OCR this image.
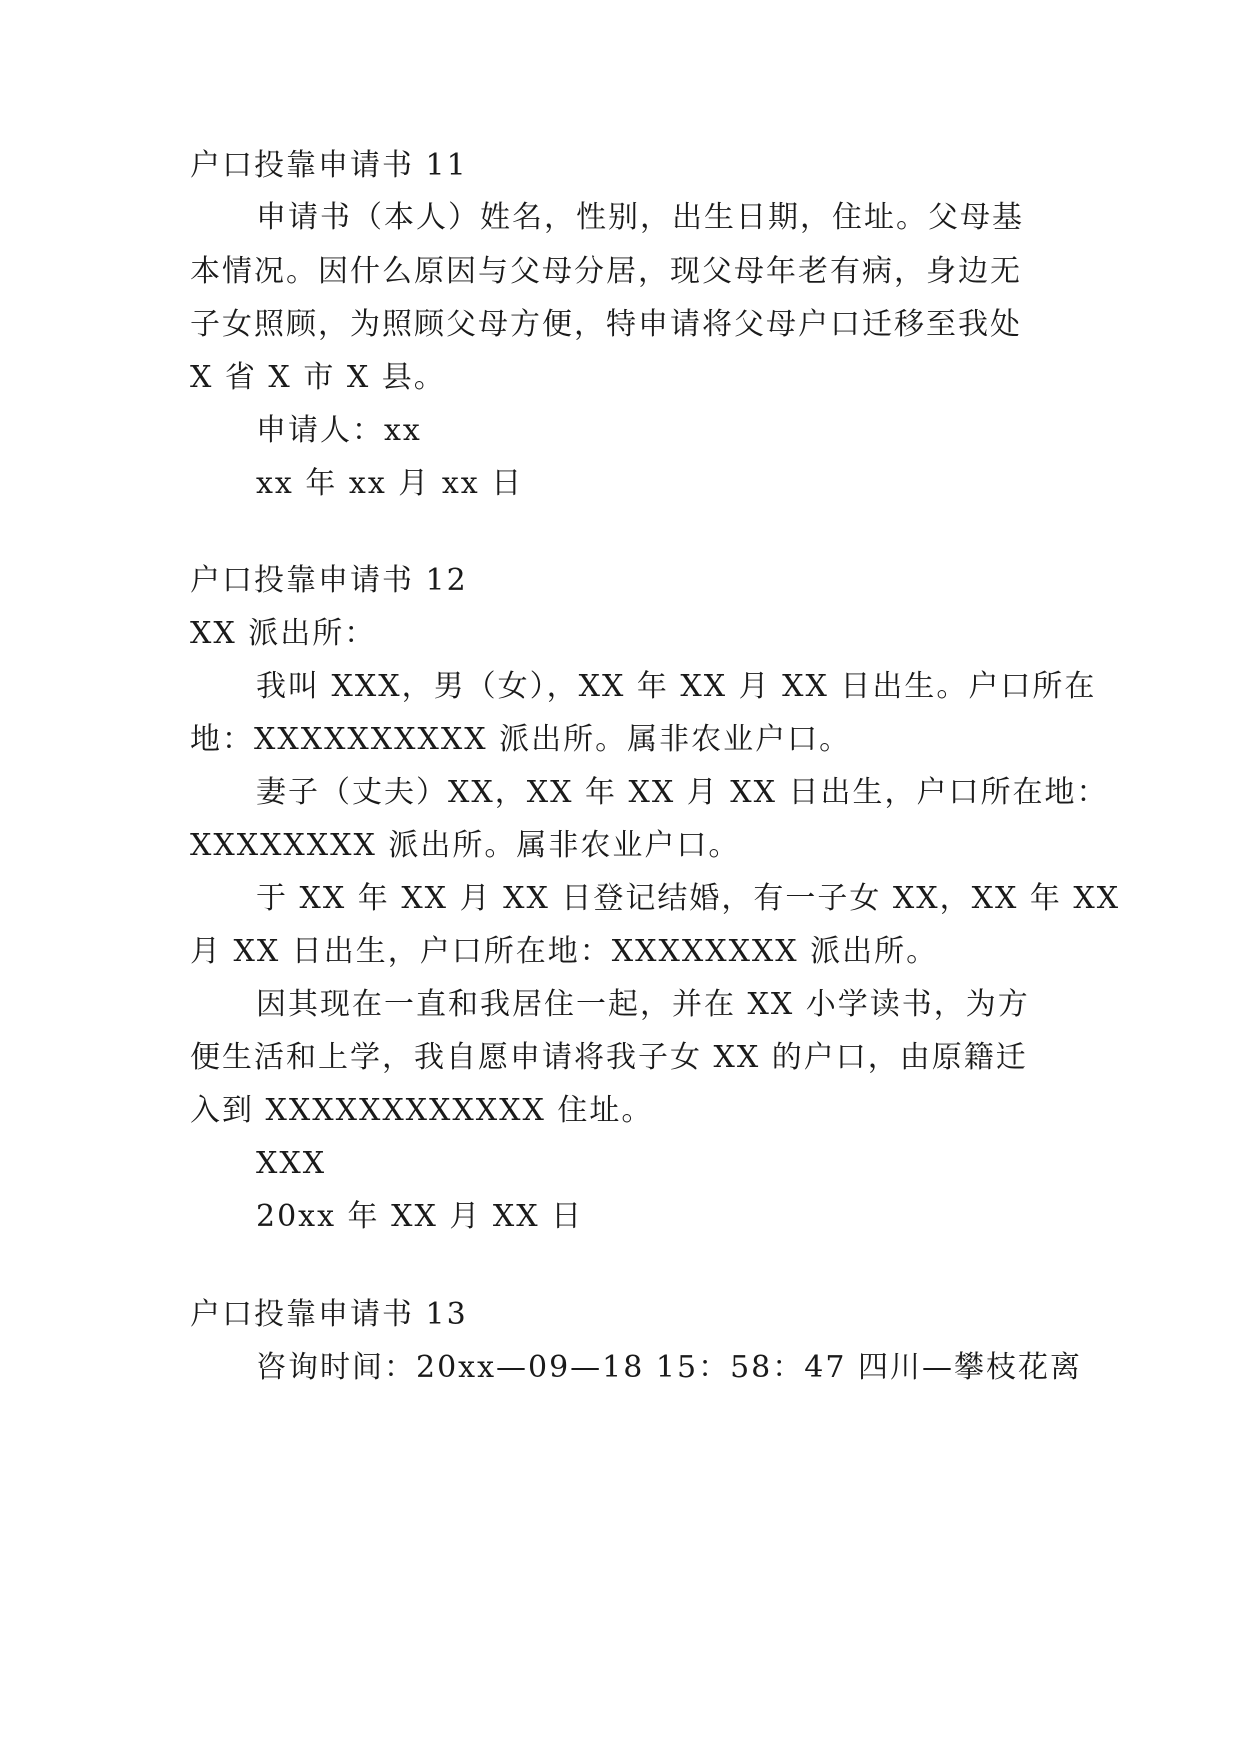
户口投靠申请书 11
申请书（本人）姓名，性别，出生日期，住址。父母基
本情况。因什么原因与父母分居，现父母年老有病，身边无
子女照顾，为照顾父母方便，特申请将父母户口迁移至我处
X 省 X 市 X 县。
申请人：xx
xx 年 xx 月 xx 日
户口投靠申请书 12
XX 派出所：
我叫 XXX，男（女），XX 年 XX 月 XX 日出生。户口所在
地：XXXXXXXXXX 派出所。属非农业户口。
妻子（丈夫）XX，XX 年 XX 月 XX 日出生，户口所在地：
XXXXXXXX 派出所。属非农业户口。
于 XX 年 XX 月 XX 日登记结婚，有一子女 XX，XX 年 XX
月 XX 日出生，户口所在地：XXXXXXXX 派出所。
因其现在一直和我居住一起，并在 XX 小学读书，为方
便生活和上学，我自愿申请将我子女 XX 的户口，由原籍迁
入到 XXXXXXXXXXXX 住址。
XXX
20xx 年 XX 月 XX 日
户口投靠申请书 13
咨询时间：20xx—09—18 15：58：47 四川—攀枝花离
